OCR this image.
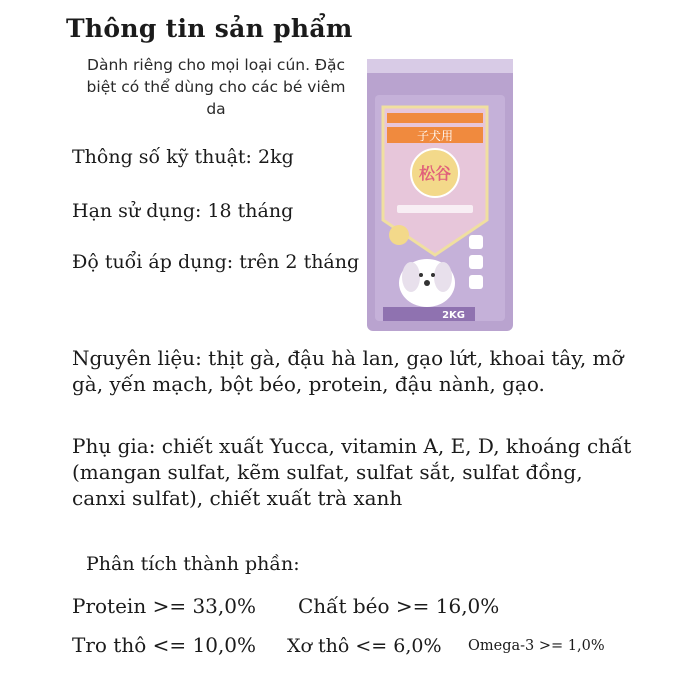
Thông tin sản phẩm
Dành riêng cho mọi loại cún. Đặc biệt có thể dùng cho các bé viêm da
Thông số kỹ thuật: 2kg
Hạn sử dụng: 18 tháng
Độ tuổi áp dụng: trên 2 tháng
Nguyên liệu: thịt gà, đậu hà lan, gạo lứt, khoai tây, mỡ gà, yến mạch, bột béo, protein, đậu nành, gạo.
Phụ gia: chiết xuất Yucca, vitamin A, E, D, khoáng chất (mangan sulfat, kẽm sulfat, sulfat sắt, sulfat đồng, canxi sulfat), chiết xuất trà xanh
Phân tích thành phần:
Protein >= 33,0% Chất béo >= 16,0%
Tro thô <= 10,0% Xơ thô <= 6,0% Omega-3 >= 1,0%
子犬用
松谷
2KG
